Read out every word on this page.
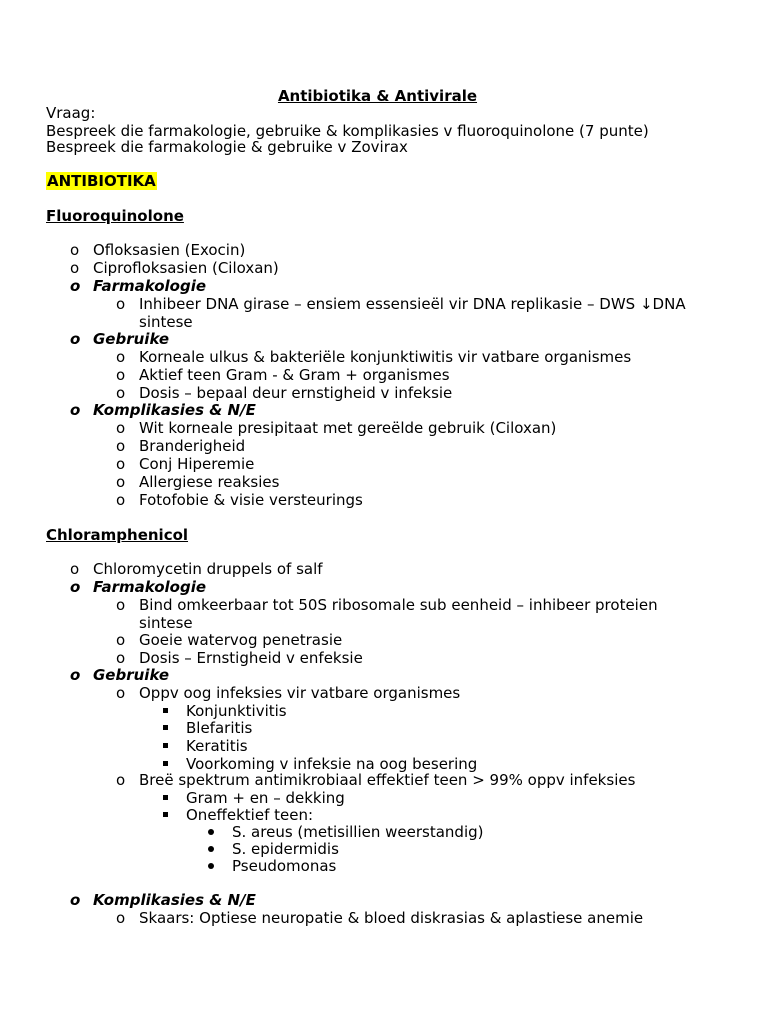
Antibiotika & Antivirale
Vraag:
Bespreek die farmakologie, gebruike & komplikasies v fluoroquinolone (7 punte)
Bespreek die farmakologie & gebruike v Zovirax
ANTIBIOTIKA
Fluoroquinolone
o Ofloksasien (Exocin)
o Ciprofloksasien (Ciloxan)
o Farmakologie
o Inhibeer DNA girase – ensiem essensieël vir DNA replikasie – DWS ↓DNA
sintese
o Gebruike
o Korneale ulkus & bakteriële konjunktiwitis vir vatbare organismes
o Aktief teen Gram - & Gram + organismes
o Dosis – bepaal deur ernstigheid v infeksie
o Komplikasies & N/E
o Wit korneale presipitaat met gereëlde gebruik (Ciloxan)
o Branderigheid
o Conj Hiperemie
o Allergiese reaksies
o Fotofobie & visie versteurings
Chloramphenicol
o Chloromycetin druppels of salf
o Farmakologie
o Bind omkeerbaar tot 50S ribosomale sub eenheid – inhibeer proteien
sintese
o Goeie watervog penetrasie
o Dosis – Ernstigheid v enfeksie
o Gebruike
o Oppv oog infeksies vir vatbare organismes
Konjunktivitis
Blefaritis
Keratitis
Voorkoming v infeksie na oog besering
o Breë spektrum antimikrobiaal effektief teen > 99% oppv infeksies
Gram + en – dekking
Oneffektief teen:
S. areus (metisillien weerstandig)
S. epidermidis
Pseudomonas
o Komplikasies & N/E
o Skaars: Optiese neuropatie & bloed diskrasias & aplastiese anemie
